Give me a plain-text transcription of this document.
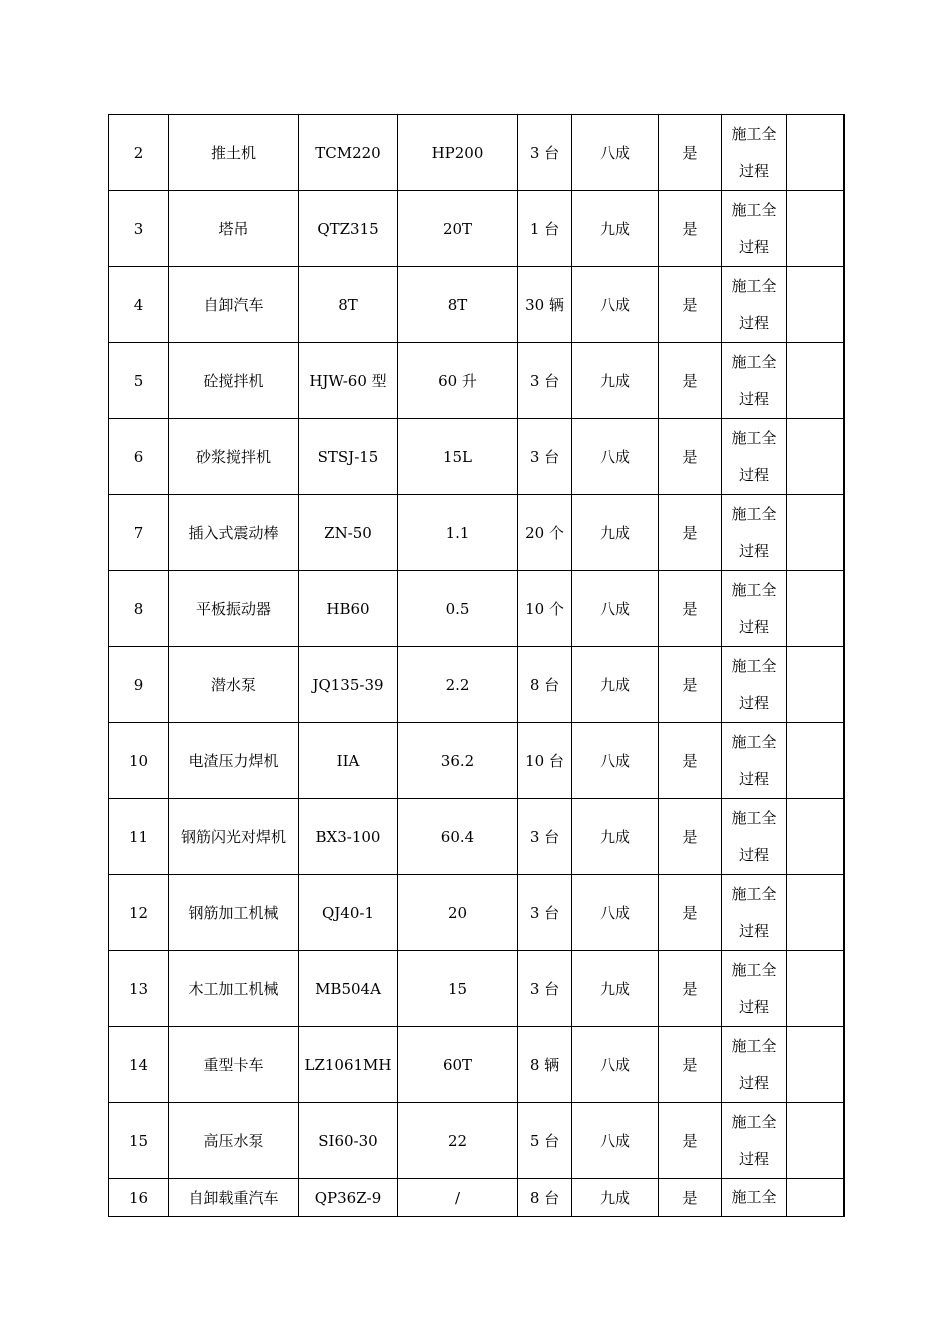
2	推土机	TCM220	HP200	3 台	八成	是	施工全
过程	

3	塔吊	QTZ315	20T	1 台	九成	是	施工全
过程	

4	自卸汽车	8T	8T	30 辆	八成	是	施工全
过程	

5	砼搅拌机	HJW-60 型	60 升	3 台	九成	是	施工全
过程	

6	砂浆搅拌机	STSJ-15	15L	3 台	八成	是	施工全
过程	

7	插入式震动棒	ZN-50	1.1	20 个	九成	是	施工全
过程	

8	平板振动器	HB60	0.5	10 个	八成	是	施工全
过程	

9	潜水泵	JQ135-39	2.2	8 台	九成	是	施工全
过程	

10	电渣压力焊机	IIA	36.2	10 台	八成	是	施工全
过程	

11	钢筋闪光对焊机	BX3-100	60.4	3 台	九成	是	施工全
过程	

12	钢筋加工机械	QJ40-1	20	3 台	八成	是	施工全
过程	

13	木工加工机械	MB504A	15	3 台	九成	是	施工全
过程	

14	重型卡车	LZ1061MH	60T	8 辆	八成	是	施工全
过程	

15	高压水泵	SI60-30	22	5 台	八成	是	施工全
过程	

16	自卸载重汽车	QP36Z-9	/	8 台	九成	是	施工全	
